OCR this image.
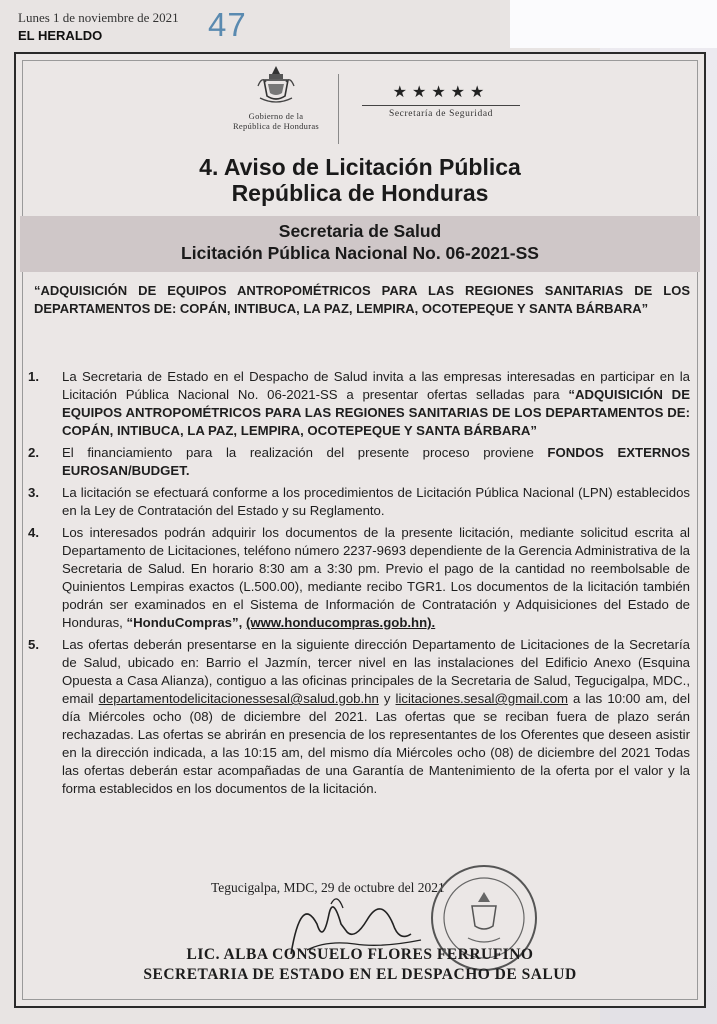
Lunes 1 de noviembre de 2021
EL HERALDO	47
Gobierno de la
República de Honduras
★★★★★
Secretaría de Seguridad
4. Aviso de Licitación Pública
República de Honduras
Secretaria de Salud
Licitación Pública Nacional No. 06-2021-SS
“ADQUISICIÓN DE EQUIPOS ANTROPOMÉTRICOS PARA LAS REGIONES SANITARIAS DE LOS DEPARTAMENTOS DE: COPÁN, INTIBUCA, LA PAZ, LEMPIRA, OCOTEPEQUE Y SANTA BÁRBARA”
1. La Secretaria de Estado en el Despacho de Salud invita a las empresas interesadas en participar en la Licitación Pública Nacional No. 06-2021-SS a presentar ofertas selladas para “ADQUISICIÓN DE EQUIPOS ANTROPOMÉTRICOS PARA LAS REGIONES SANITARIAS DE LOS DEPARTAMENTOS DE: COPÁN, INTIBUCA, LA PAZ, LEMPIRA, OCOTEPEQUE Y SANTA BÁRBARA”
2. El financiamiento para la realización del presente proceso proviene FONDOS EXTERNOS EUROSAN/BUDGET.
3. La licitación se efectuará conforme a los procedimientos de Licitación Pública Nacional (LPN) establecidos en la Ley de Contratación del Estado y su Reglamento.
4. Los interesados podrán adquirir los documentos de la presente licitación, mediante solicitud escrita al Departamento de Licitaciones, teléfono número 2237-9693 dependiente de la Gerencia Administrativa de la Secretaria de Salud. En horario 8:30 am a 3:30 pm. Previo el pago de la cantidad no reembolsable de Quinientos Lempiras exactos (L.500.00), mediante recibo TGR1. Los documentos de la licitación también podrán ser examinados en el Sistema de Información de Contratación y Adquisiciones del Estado de Honduras, “HonduCompras”, (www.honducompras.gob.hn).
5. Las ofertas deberán presentarse en la siguiente dirección Departamento de Licitaciones de la Secretaría de Salud, ubicado en: Barrio el Jazmín, tercer nivel en las instalaciones del Edificio Anexo (Esquina Opuesta a Casa Alianza), contiguo a las oficinas principales de la Secretaria de Salud, Tegucigalpa, MDC., email departamentodelicitacionessesal@salud.gob.hn y licitaciones.sesal@gmail.com a las 10:00 am, del día Miércoles ocho (08) de diciembre del 2021. Las ofertas que se reciban fuera de plazo serán rechazadas. Las ofertas se abrirán en presencia de los representantes de los Oferentes que deseen asistir en la dirección indicada, a las 10:15 am, del mismo día Miércoles ocho (08) de diciembre del 2021 Todas las ofertas deberán estar acompañadas de una Garantía de Mantenimiento de la oferta por el valor y la forma establecidos en los documentos de la licitación.
Tegucigalpa, MDC, 29 de octubre del 2021
LIC. ALBA CONSUELO FLORES FERRUFINO
SECRETARIA DE ESTADO EN EL DESPACHO DE SALUD
